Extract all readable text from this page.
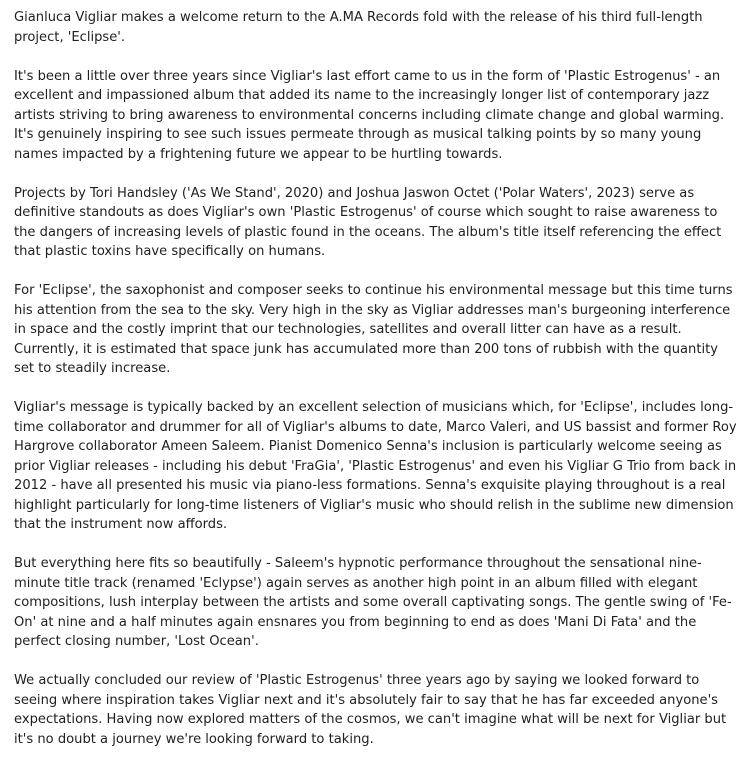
Gianluca Vigliar makes a welcome return to the A.MA Records fold with the release of his third full-length project, 'Eclipse'.

It's been a little over three years since Vigliar's last effort came to us in the form of 'Plastic Estrogenus' - an excellent and impassioned album that added its name to the increasingly longer list of contemporary jazz artists striving to bring awareness to environmental concerns including climate change and global warming. It's genuinely inspiring to see such issues permeate through as musical talking points by so many young names impacted by a frightening future we appear to be hurtling towards.

Projects by Tori Handsley ('As We Stand', 2020) and Joshua Jaswon Octet ('Polar Waters', 2023) serve as definitive standouts as does Vigliar's own 'Plastic Estrogenus' of course which sought to raise awareness to the dangers of increasing levels of plastic found in the oceans. The album's title itself referencing the effect that plastic toxins have specifically on humans.

For 'Eclipse', the saxophonist and composer seeks to continue his environmental message but this time turns his attention from the sea to the sky. Very high in the sky as Vigliar addresses man's burgeoning interference in space and the costly imprint that our technologies, satellites and overall litter can have as a result. Currently, it is estimated that space junk has accumulated more than 200 tons of rubbish with the quantity set to steadily increase.

Vigliar's message is typically backed by an excellent selection of musicians which, for 'Eclipse', includes long-time collaborator and drummer for all of Vigliar's albums to date, Marco Valeri, and US bassist and former Roy Hargrove collaborator Ameen Saleem. Pianist Domenico Senna's inclusion is particularly welcome seeing as prior Vigliar releases - including his debut 'FraGia', 'Plastic Estrogenus' and even his Vigliar G Trio from back in 2012 - have all presented his music via piano-less formations. Senna's exquisite playing throughout is a real highlight particularly for long-time listeners of Vigliar's music who should relish in the sublime new dimension that the instrument now affords.

But everything here fits so beautifully - Saleem's hypnotic performance throughout the sensational nine-minute title track (renamed 'Eclypse') again serves as another high point in an album filled with elegant compositions, lush interplay between the artists and some overall captivating songs. The gentle swing of 'Fe-On' at nine and a half minutes again ensnares you from beginning to end as does 'Mani Di Fata' and the perfect closing number, 'Lost Ocean'.

We actually concluded our review of 'Plastic Estrogenus' three years ago by saying we looked forward to seeing where inspiration takes Vigliar next and it's absolutely fair to say that he has far exceeded anyone's expectations. Having now explored matters of the cosmos, we can't imagine what will be next for Vigliar but it's no doubt a journey we're looking forward to taking.
